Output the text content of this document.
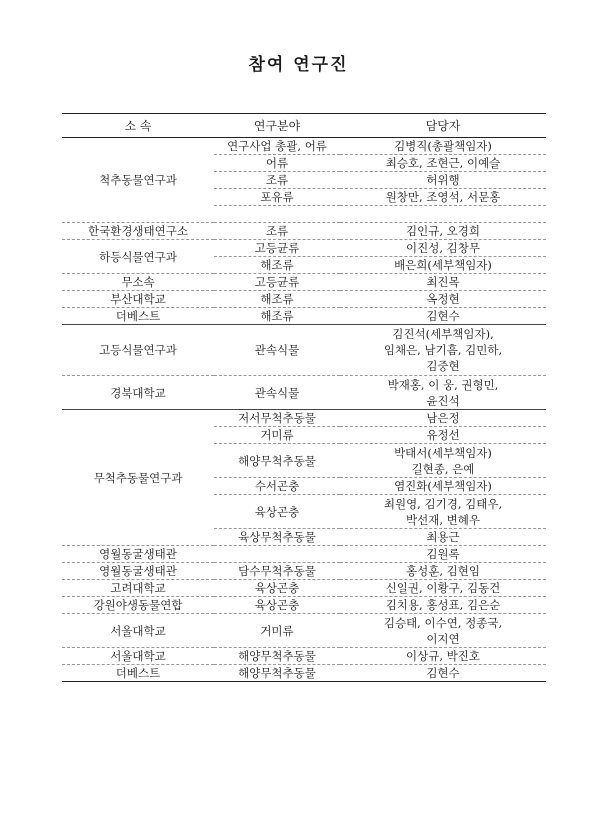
참여 연구진
소 속	연구분야	담당자
척추동물연구과	연구사업 총괄, 어류	김병직(총괄책임자)
	어류	최승호, 조현근, 이예슬
	조류	허위행
	포유류	원창만, 조영석, 서문홍

한국환경생태연구소	조류	김인규, 오경희
하등식물연구과	고등균류	이진성, 김창무
	해조류	배은희(세부책임자)
무소속	고등균류	최진목
부산대학교	해조류	옥정현
더베스트	해조류	김현수
고등식물연구과	관속식물	김진석(세부책임자),
임채은, 남기흠, 김민하,
김중현
경북대학교	관속식물	박재홍, 이 웅, 권형민,
윤진석
무척추동물연구과	저서무척추동물	남은정
	거미류	유정선
	해양무척추동물	박태서(세부책임자)
길현종, 은예
	수서곤충	염진화(세부책임자)
	육상곤충	최원영, 김기경, 김태우,
박선재, 변혜우
	육상무척추동물	최용근
영월동굴생태관		김원록
영월동굴생태관	담수무척추동물	홍성훈, 김현임
고려대학교	육상곤충	신일권, 이황구, 김동건
강원야생동물연합	육상곤충	김치용, 홍성표, 김은순
서울대학교	거미류	김승태, 이수연, 정종국,
이지연
서울대학교	해양무척추동물	이상규, 박진호
더베스트	해양무척추동물	김현수
